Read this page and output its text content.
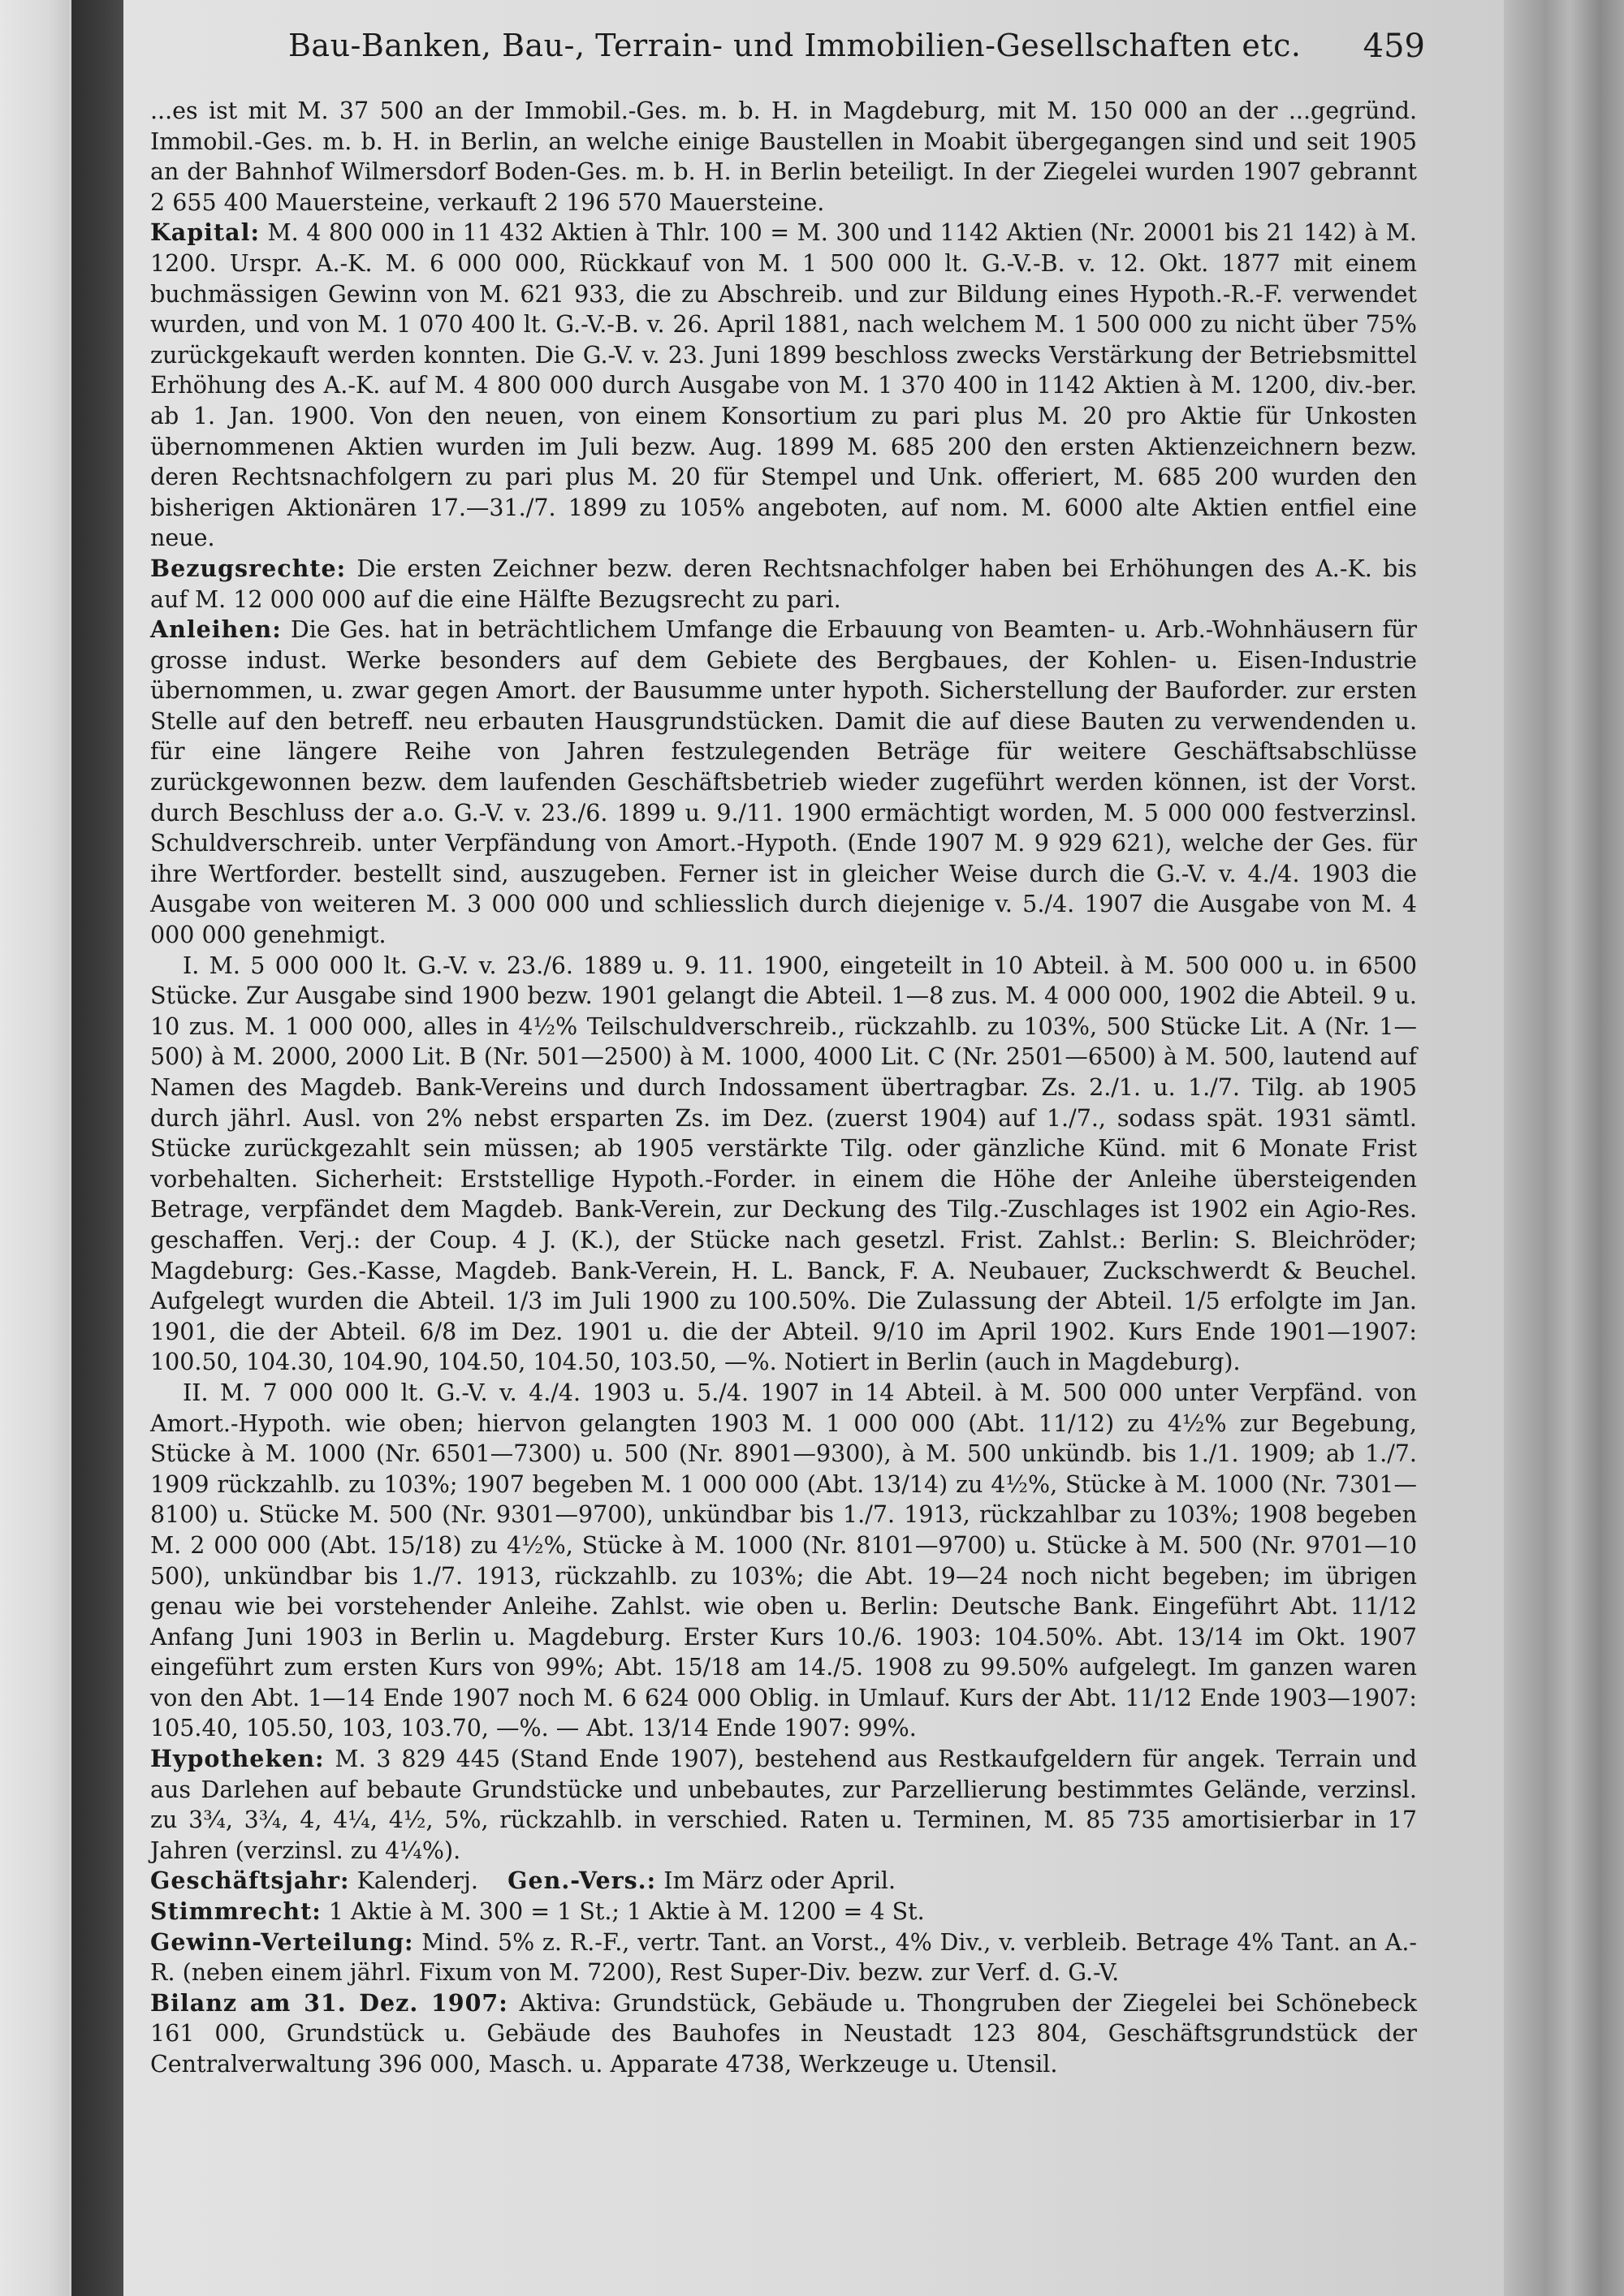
Bau-Banken, Bau-, Terrain- und Immobilien-Gesellschaften etc. 459

...es ist mit M. 37 500 an der Immobil.-Ges. m. b. H. in Magdeburg, mit M. 150 000 an der ...gegründ. Immobil.-Ges. m. b. H. in Berlin, an welche einige Baustellen in Moabit übergegangen sind und seit 1905 an der Bahnhof Wilmersdorf Boden-Ges. m. b. H. in Berlin beteiligt. In der Ziegelei wurden 1907 gebrannt 2 655 400 Mauersteine, verkauft 2 196 570 Mauersteine.

Kapital: M. 4 800 000 in 11 432 Aktien à Thlr. 100 = M. 300 und 1142 Aktien (Nr. 20001 bis 21 142) à M. 1200. Urspr. A.-K. M. 6 000 000, Rückkauf von M. 1 500 000 lt. G.-V.-B. v. 12. Okt. 1877 mit einem buchmässigen Gewinn von M. 621 933, die zu Abschreib. und zur Bildung eines Hypoth.-R.-F. verwendet wurden, und von M. 1 070 400 lt. G.-V.-B. v. 26. April 1881, nach welchem M. 1 500 000 zu nicht über 75% zurückgekauft werden konnten. Die G.-V. v. 23. Juni 1899 beschloss zwecks Verstärkung der Betriebsmittel Erhöhung des A.-K. auf M. 4 800 000 durch Ausgabe von M. 1 370 400 in 1142 Aktien à M. 1200, div.-ber. ab 1. Jan. 1900. Von den neuen, von einem Konsortium zu pari plus M. 20 pro Aktie für Unkosten übernommenen Aktien wurden im Juli bezw. Aug. 1899 M. 685 200 den ersten Aktienzeichnern bezw. deren Rechtsnachfolgern zu pari plus M. 20 für Stempel und Unk. offeriert, M. 685 200 wurden den bisherigen Aktionären 17.—31./7. 1899 zu 105% angeboten, auf nom. M. 6000 alte Aktien entfiel eine neue.

Bezugsrechte: Die ersten Zeichner bezw. deren Rechtsnachfolger haben bei Erhöhungen des A.-K. bis auf M. 12 000 000 auf die eine Hälfte Bezugsrecht zu pari.

Anleihen: Die Ges. hat in beträchtlichem Umfange die Erbauung von Beamten- u. Arb.-Wohnhäusern für grosse indust. Werke besonders auf dem Gebiete des Bergbaues, der Kohlen- u. Eisen-Industrie übernommen, u. zwar gegen Amort. der Bausumme unter hypoth. Sicherstellung der Bauforder. zur ersten Stelle auf den betreff. neu erbauten Hausgrundstücken. Damit die auf diese Bauten zu verwendenden u. für eine längere Reihe von Jahren festzulegenden Beträge für weitere Geschäftsabschlüsse zurückgewonnen bezw. dem laufenden Geschäftsbetrieb wieder zugeführt werden können, ist der Vorst. durch Beschluss der a.o. G.-V. v. 23./6. 1899 u. 9./11. 1900 ermächtigt worden, M. 5 000 000 festverzinsl. Schuldverschreib. unter Verpfändung von Amort.-Hypoth. (Ende 1907 M. 9 929 621), welche der Ges. für ihre Wertforder. bestellt sind, auszugeben. Ferner ist in gleicher Weise durch die G.-V. v. 4./4. 1903 die Ausgabe von weiteren M. 3 000 000 und schliesslich durch diejenige v. 5./4. 1907 die Ausgabe von M. 4 000 000 genehmigt.

I. M. 5 000 000 lt. G.-V. v. 23./6. 1889 u. 9. 11. 1900, eingeteilt in 10 Abteil. à M. 500 000 u. in 6500 Stücke. Zur Ausgabe sind 1900 bezw. 1901 gelangt die Abteil. 1—8 zus. M. 4 000 000, 1902 die Abteil. 9 u. 10 zus. M. 1 000 000, alles in 4½% Teilschuldverschreib., rückzahlb. zu 103%, 500 Stücke Lit. A (Nr. 1—500) à M. 2000, 2000 Lit. B (Nr. 501—2500) à M. 1000, 4000 Lit. C (Nr. 2501—6500) à M. 500, lautend auf Namen des Magdeb. Bank-Vereins und durch Indossament übertragbar. Zs. 2./1. u. 1./7. Tilg. ab 1905 durch jährl. Ausl. von 2% nebst ersparten Zs. im Dez. (zuerst 1904) auf 1./7., sodass spät. 1931 sämtl. Stücke zurückgezahlt sein müssen; ab 1905 verstärkte Tilg. oder gänzliche Künd. mit 6 Monate Frist vorbehalten. Sicherheit: Erststellige Hypoth.-Forder. in einem die Höhe der Anleihe übersteigenden Betrage, verpfändet dem Magdeb. Bank-Verein, zur Deckung des Tilg.-Zuschlages ist 1902 ein Agio-Res. geschaffen. Verj.: der Coup. 4 J. (K.), der Stücke nach gesetzl. Frist. Zahlst.: Berlin: S. Bleichröder; Magdeburg: Ges.-Kasse, Magdeb. Bank-Verein, H. L. Banck, F. A. Neubauer, Zuckschwerdt & Beuchel. Aufgelegt wurden die Abteil. 1/3 im Juli 1900 zu 100.50%. Die Zulassung der Abteil. 1/5 erfolgte im Jan. 1901, die der Abteil. 6/8 im Dez. 1901 u. die der Abteil. 9/10 im April 1902. Kurs Ende 1901—1907: 100.50, 104.30, 104.90, 104.50, 104.50, 103.50, —%. Notiert in Berlin (auch in Magdeburg).

II. M. 7 000 000 lt. G.-V. v. 4./4. 1903 u. 5./4. 1907 in 14 Abteil. à M. 500 000 unter Verpfänd. von Amort.-Hypoth. wie oben; hiervon gelangten 1903 M. 1 000 000 (Abt. 11/12) zu 4½% zur Begebung, Stücke à M. 1000 (Nr. 6501—7300) u. 500 (Nr. 8901—9300), à M. 500 unkündb. bis 1./1. 1909; ab 1./7. 1909 rückzahlb. zu 103%; 1907 begeben M. 1 000 000 (Abt. 13/14) zu 4½%, Stücke à M. 1000 (Nr. 7301—8100) u. Stücke M. 500 (Nr. 9301—9700), unkündbar bis 1./7. 1913, rückzahlbar zu 103%; 1908 begeben M. 2 000 000 (Abt. 15/18) zu 4½%, Stücke à M. 1000 (Nr. 8101—9700) u. Stücke à M. 500 (Nr. 9701—10 500), unkündbar bis 1./7. 1913, rückzahlb. zu 103%; die Abt. 19—24 noch nicht begeben; im übrigen genau wie bei vorstehender Anleihe. Zahlst. wie oben u. Berlin: Deutsche Bank. Eingeführt Abt. 11/12 Anfang Juni 1903 in Berlin u. Magdeburg. Erster Kurs 10./6. 1903: 104.50%. Abt. 13/14 im Okt. 1907 eingeführt zum ersten Kurs von 99%; Abt. 15/18 am 14./5. 1908 zu 99.50% aufgelegt. Im ganzen waren von den Abt. 1—14 Ende 1907 noch M. 6 624 000 Oblig. in Umlauf. Kurs der Abt. 11/12 Ende 1903—1907: 105.40, 105.50, 103, 103.70, —%. — Abt. 13/14 Ende 1907: 99%.

Hypotheken: M. 3 829 445 (Stand Ende 1907), bestehend aus Restkaufgeldern für angek. Terrain und aus Darlehen auf bebaute Grundstücke und unbebautes, zur Parzellierung bestimmtes Gelände, verzinsl. zu 3¾, 3¾, 4, 4¼, 4½, 5%, rückzahlb. in verschied. Raten u. Terminen, M. 85 735 amortisierbar in 17 Jahren (verzinsl. zu 4¼%).

Geschäftsjahr: Kalenderj. Gen.-Vers.: Im März oder April.

Stimmrecht: 1 Aktie à M. 300 = 1 St.; 1 Aktie à M. 1200 = 4 St.

Gewinn-Verteilung: Mind. 5% z. R.-F., vertr. Tant. an Vorst., 4% Div., v. verbleib. Betrage 4% Tant. an A.-R. (neben einem jährl. Fixum von M. 7200), Rest Super-Div. bezw. zur Verf. d. G.-V.

Bilanz am 31. Dez. 1907: Aktiva: Grundstück, Gebäude u. Thongruben der Ziegelei bei Schönebeck 161 000, Grundstück u. Gebäude des Bauhofes in Neustadt 123 804, Geschäftsgrundstück der Centralverwaltung 396 000, Masch. u. Apparate 4738, Werkzeuge u. Utensil.
